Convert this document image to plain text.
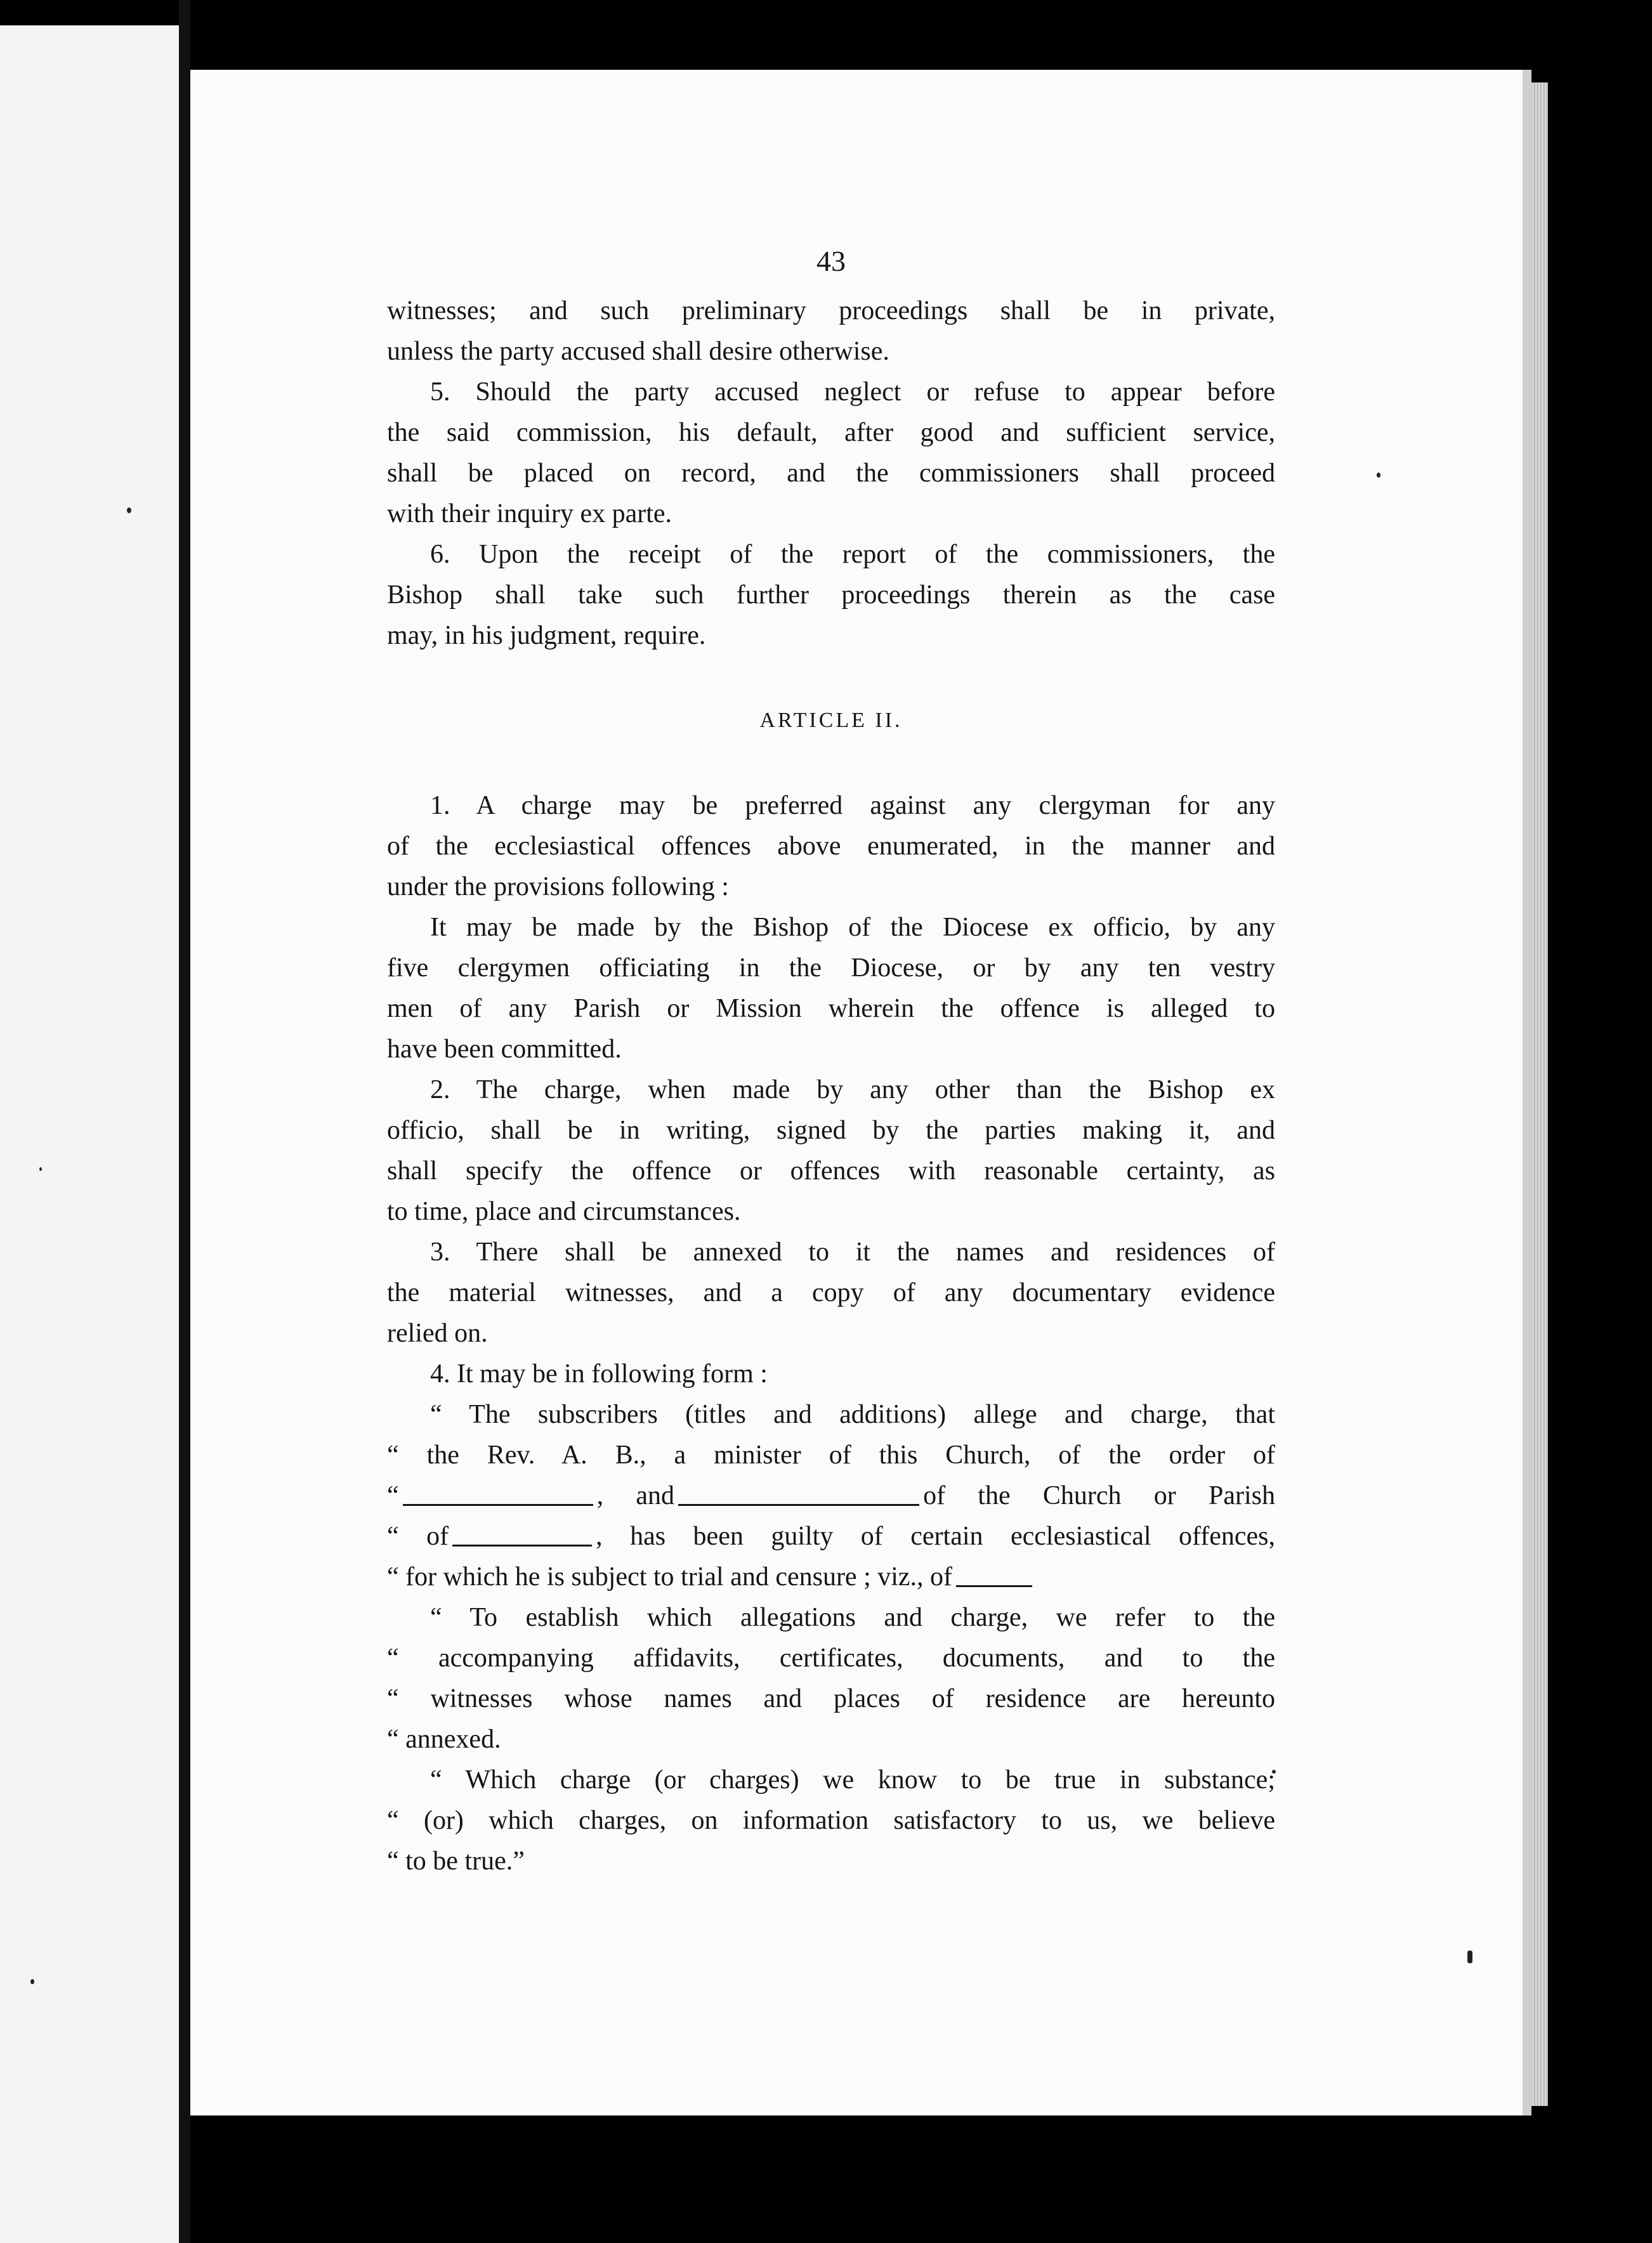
43
witnesses; and such preliminary proceedings shall be in private,
unless the party accused shall desire otherwise.
5. Should the party accused neglect or refuse to appear before
the said commission, his default, after good and sufficient service,
shall be placed on record, and the commissioners shall proceed
with their inquiry ex parte.
6. Upon the receipt of the report of the commissioners, the
Bishop shall take such further proceedings therein as the case
may, in his judgment, require.
ARTICLE II.
1. A charge may be preferred against any clergyman for any
of the ecclesiastical offences above enumerated, in the manner and
under the provisions following :
It may be made by the Bishop of the Diocese ex officio, by any
five clergymen officiating in the Diocese, or by any ten vestry
men of any Parish or Mission wherein the offence is alleged to
have been committed.
2. The charge, when made by any other than the Bishop ex
officio, shall be in writing, signed by the parties making it, and
shall specify the offence or offences with reasonable certainty, as
to time, place and circumstances.
3. There shall be annexed to it the names and residences of
the material witnesses, and a copy of any documentary evidence
relied on.
4. It may be in following form :
“ The subscribers (titles and additions) allege and charge, that
“ the Rev. A. B., a minister of this Church, of the order of
“	, and	of the Church or Parish
“ of	, has been guilty of certain ecclesiastical offences,
“ for which he is subject to trial and censure ; viz., of
“ To establish which allegations and charge, we refer to the
“ accompanying affidavits, certificates, documents, and to the
“ witnesses whose names and places of residence are hereunto
“ annexed.
“ Which charge (or charges) we know to be true in substance;
“ (or) which charges, on information satisfactory to us, we believe
“ to be true.”
